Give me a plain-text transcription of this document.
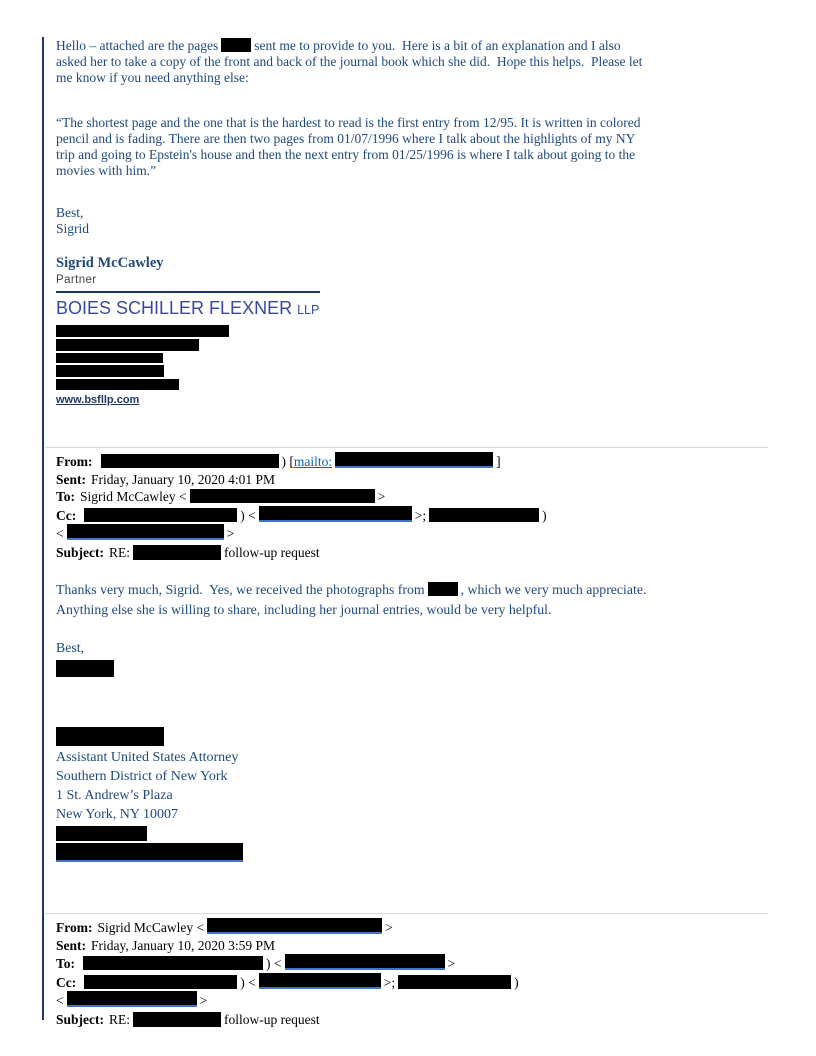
Hello – attached are the pages	sent me to provide to you.  Here is a bit of an explanation and I also
asked her to take a copy of the front and back of the journal book which she did.  Hope this helps.  Please let
me know if you need anything else:
“The shortest page and the one that is the hardest to read is the first entry from 12/95. It is written in colored
pencil and is fading. There are then two pages from 01/07/1996 where I talk about the highlights of my NY
trip and going to Epstein's house and then the next entry from 01/25/1996 is where I talk about going to the
movies with him.”
Best,
Sigrid
Sigrid McCawley
Partner
BOIES SCHILLER FLEXNER LLP
www.bsfllp.com
From:	) [mailto:	]
Sent: Friday, January 10, 2020 4:01 PM
To: Sigrid McCawley <	>
Cc:	) <	>;	)
<	>
Subject: RE:	follow-up request
Thanks very much, Sigrid.  Yes, we received the photographs from	, which we very much appreciate.
Anything else she is willing to share, including her journal entries, would be very helpful.
Best,
Assistant United States Attorney
Southern District of New York
1 St. Andrew’s Plaza
New York, NY 10007
From: Sigrid McCawley <	>
Sent: Friday, January 10, 2020 3:59 PM
To:	) <	>
Cc:	) <	>;	)
<	>
Subject: RE:	follow-up request
